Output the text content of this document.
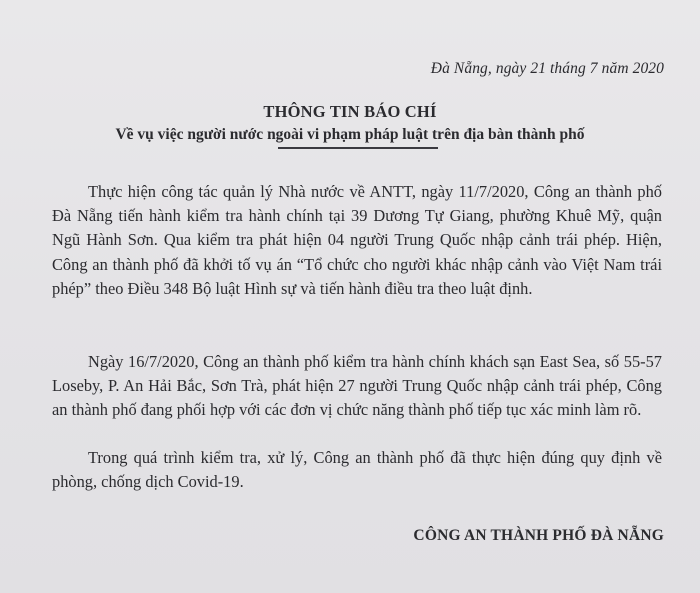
Đà Nẵng, ngày 21 tháng 7 năm 2020
THÔNG TIN BÁO CHÍ
Về vụ việc người nước ngoài vi phạm pháp luật trên địa bàn thành phố

Thực hiện công tác quản lý Nhà nước về ANTT, ngày 11/7/2020, Công an thành phố Đà Nẵng tiến hành kiểm tra hành chính tại 39 Dương Tự Giang, phường Khuê Mỹ, quận Ngũ Hành Sơn. Qua kiểm tra phát hiện 04 người Trung Quốc nhập cảnh trái phép. Hiện, Công an thành phố đã khởi tố vụ án “Tổ chức cho người khác nhập cảnh vào Việt Nam trái phép” theo Điều 348 Bộ luật Hình sự và tiến hành điều tra theo luật định.

Ngày 16/7/2020, Công an thành phố kiểm tra hành chính khách sạn East Sea, số 55-57 Loseby, P. An Hải Bắc, Sơn Trà, phát hiện 27 người Trung Quốc nhập cảnh trái phép, Công an thành phố đang phối hợp với các đơn vị chức năng thành phố tiếp tục xác minh làm rõ.

Trong quá trình kiểm tra, xử lý, Công an thành phố đã thực hiện đúng quy định về phòng, chống dịch Covid-19.

CÔNG AN THÀNH PHỐ ĐÀ NẴNG
